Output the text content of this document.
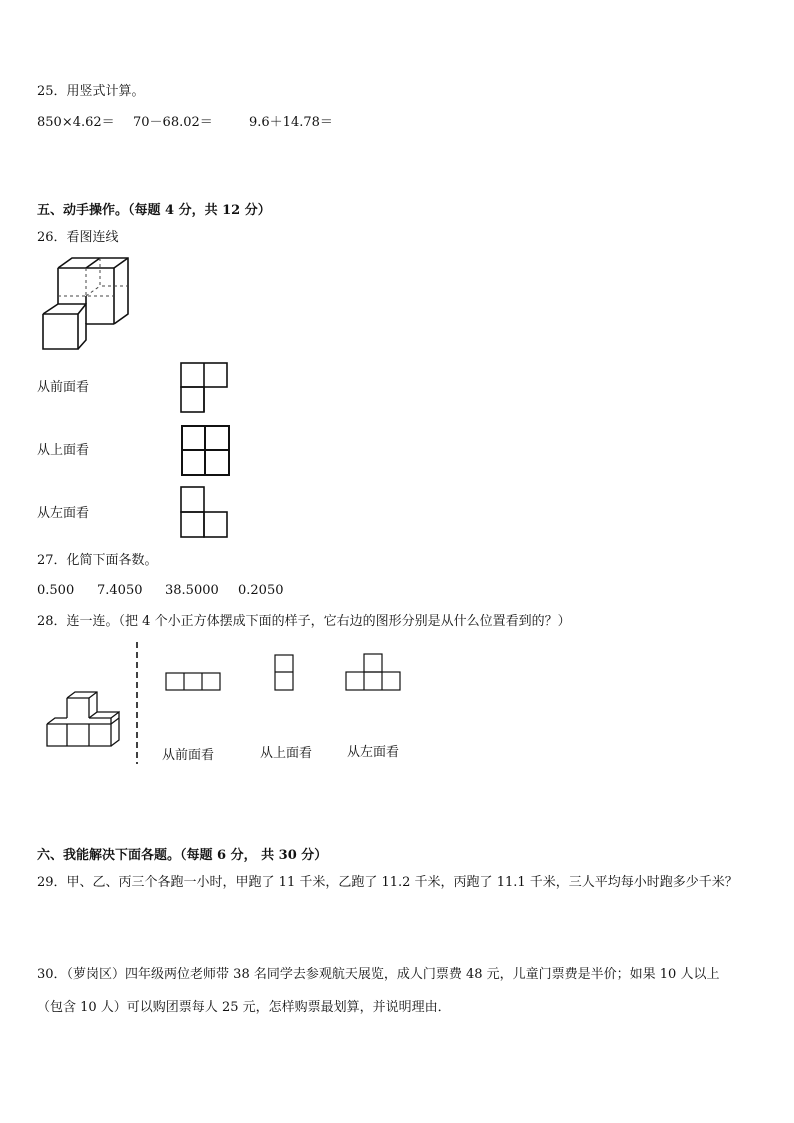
25．用竖式计算。
850×4.62＝ 70－68.02＝	9.6＋14.78＝
五、动手操作。（每题 4 分，共 12 分）
26．看图连线
从前面看
从上面看
从左面看
27．化简下面各数。
0.500 7.4050 38.5000 0.2050
28．连一连。（把 4 个小正方体摆成下面的样子，它右边的图形分别是从什么位置看到的？）
从前面看	从上面看	从左面看
六、我能解决下面各题。（每题 6 分， 共 30 分）
29．甲、乙、丙三个各跑一小时，甲跑了 11 千米，乙跑了 11.2 千米，丙跑了 11.1 千米，三人平均每小时跑多少千米？
30．（萝岗区）四年级两位老师带 38 名同学去参观航天展览，成人门票费 48 元，儿童门票费是半价；如果 10 人以上
（包含 10 人）可以购团票每人 25 元，怎样购票最划算，并说明理由．
